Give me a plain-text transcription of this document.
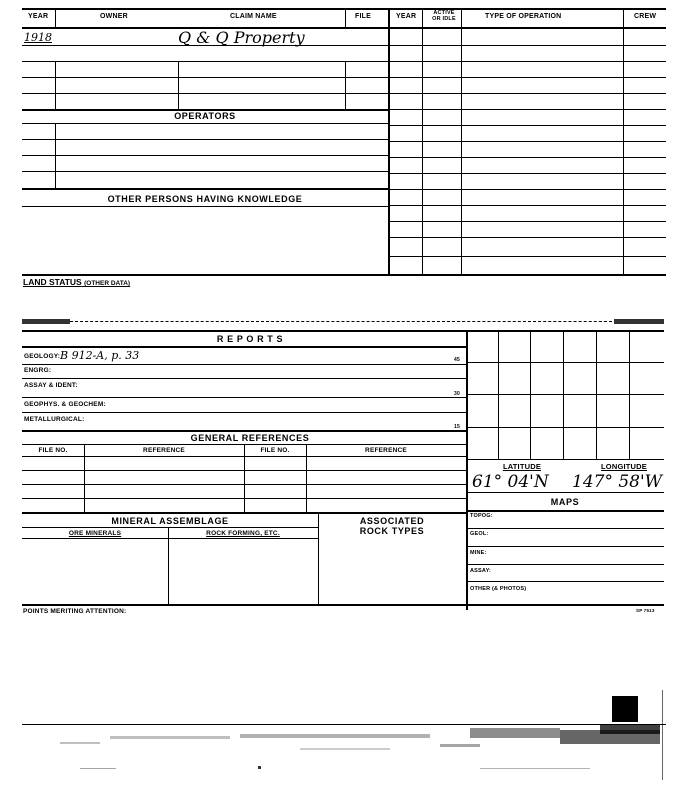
YEAR	OWNER	CLAIM NAME	FILE	YEAR	ACTIVE
OR IDLE	TYPE OF OPERATION	CREW
1918	Q & Q Property
OPERATORS
OTHER PERSONS HAVING KNOWLEDGE
LAND STATUS (OTHER DATA)
R E P O R T S
GEOLOGY: B 912-A, p. 33	45
ENGRG:
ASSAY & IDENT:
30
GEOPHYS. & GEOCHEM:
METALLURGICAL:
15
GENERAL REFERENCES
FILE NO.	REFERENCE	FILE NO.	REFERENCE
MINERAL ASSEMBLAGE	ASSOCIATED
ROCK TYPES
ORE MINERALS	ROCK FORMING, ETC.
LATITUDE	LONGITUDE
61° 04'N 147° 58'W
MAPS
TOPOG:
GEOL:
MINE:
ASSAY:
OTHER (& PHOTOS)
POINTS MERITING ATTENTION:	SP 7513
